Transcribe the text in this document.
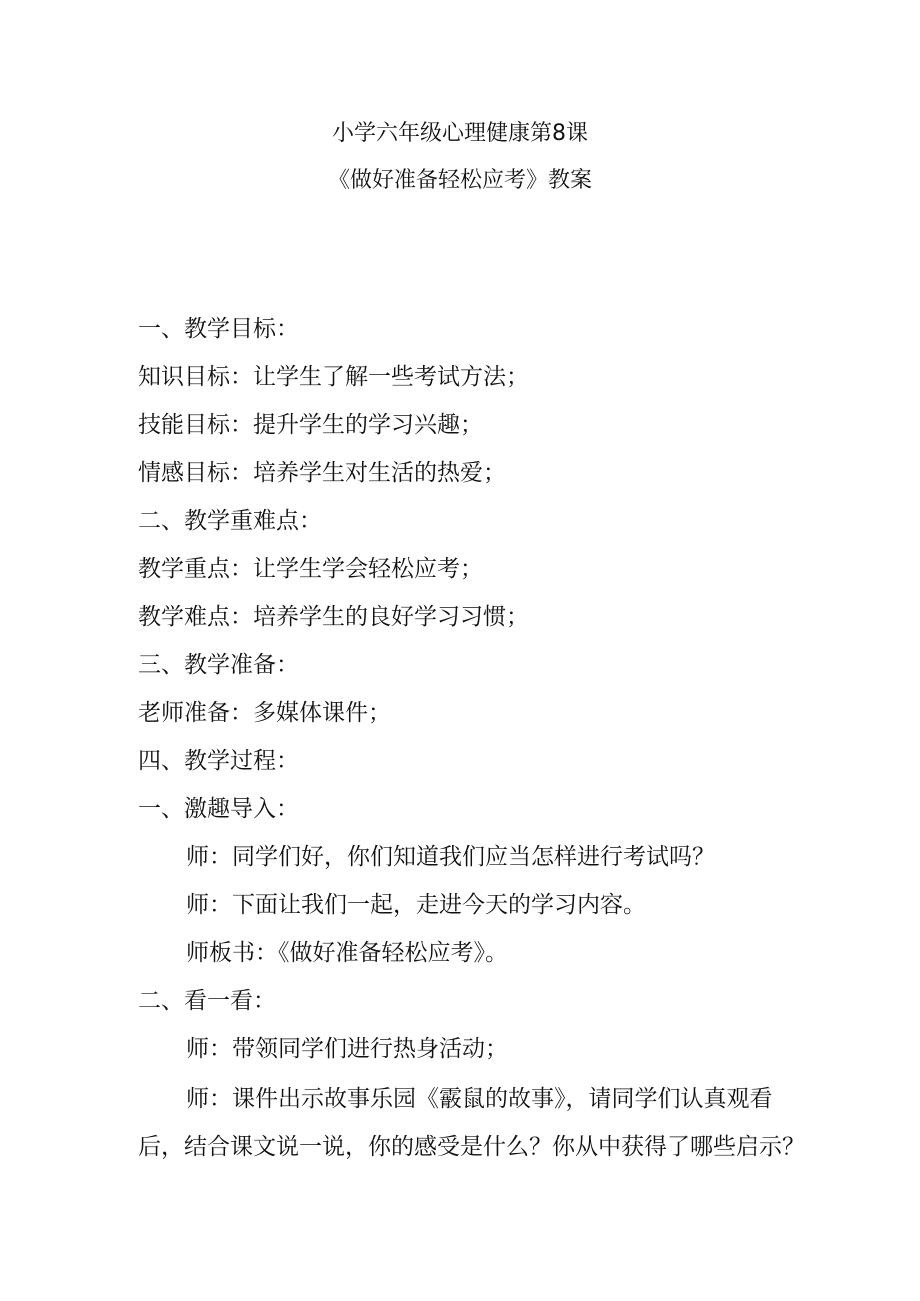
小学六年级心理健康第8课
《做好准备轻松应考》教案
一、教学目标：
知识目标：让学生了解一些考试方法；
技能目标：提升学生的学习兴趣；
情感目标：培养学生对生活的热爱；
二、教学重难点：
教学重点：让学生学会轻松应考；
教学难点：培养学生的良好学习习惯；
三、教学准备：
老师准备：多媒体课件；
四、教学过程：
一、激趣导入：
师：同学们好，你们知道我们应当怎样进行考试吗？
师：下面让我们一起，走进今天的学习内容。
师板书：《做好准备轻松应考》。
二、看一看：
师：带领同学们进行热身活动；
师：课件出示故事乐园《霰鼠的故事》，请同学们认真观看
后，结合课文说一说，你的感受是什么？你从中获得了哪些启示？
